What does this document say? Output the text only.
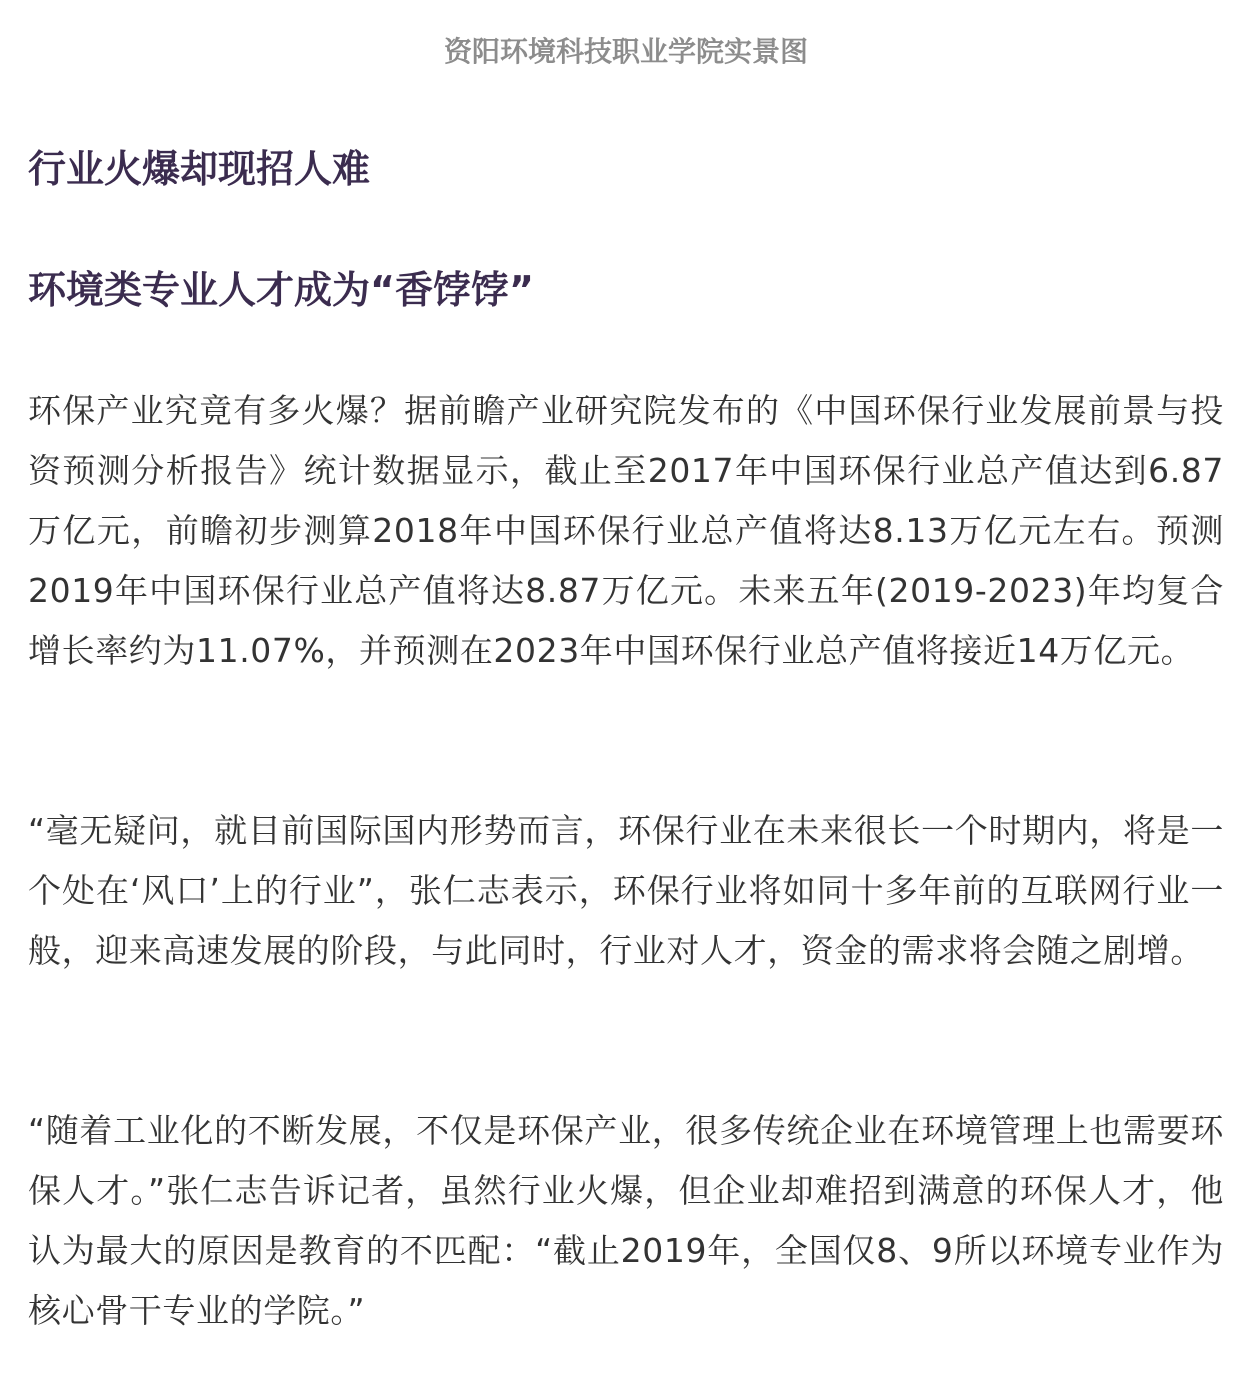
资阳环境科技职业学院实景图
行业火爆却现招人难
环境类专业人才成为“香饽饽”

环保产业究竟有多火爆？据前瞻产业研究院发布的《中国环保行业发展前景与投资预测分析报告》统计数据显示，截止至2017年中国环保行业总产值达到6.87万亿元，前瞻初步测算2018年中国环保行业总产值将达8.13万亿元左右。预测2019年中国环保行业总产值将达8.87万亿元。未来五年(2019-2023)年均复合增长率约为11.07%，并预测在2023年中国环保行业总产值将接近14万亿元。

“毫无疑问，就目前国际国内形势而言，环保行业在未来很长一个时期内，将是一个处在‘风口’上的行业”，张仁志表示，环保行业将如同十多年前的互联网行业一般，迎来高速发展的阶段，与此同时，行业对人才，资金的需求将会随之剧增。

“随着工业化的不断发展，不仅是环保产业，很多传统企业在环境管理上也需要环保人才。”张仁志告诉记者，虽然行业火爆，但企业却难招到满意的环保人才，他认为最大的原因是教育的不匹配：“截止2019年，全国仅8、9所以环境专业作为核心骨干专业的学院。”
